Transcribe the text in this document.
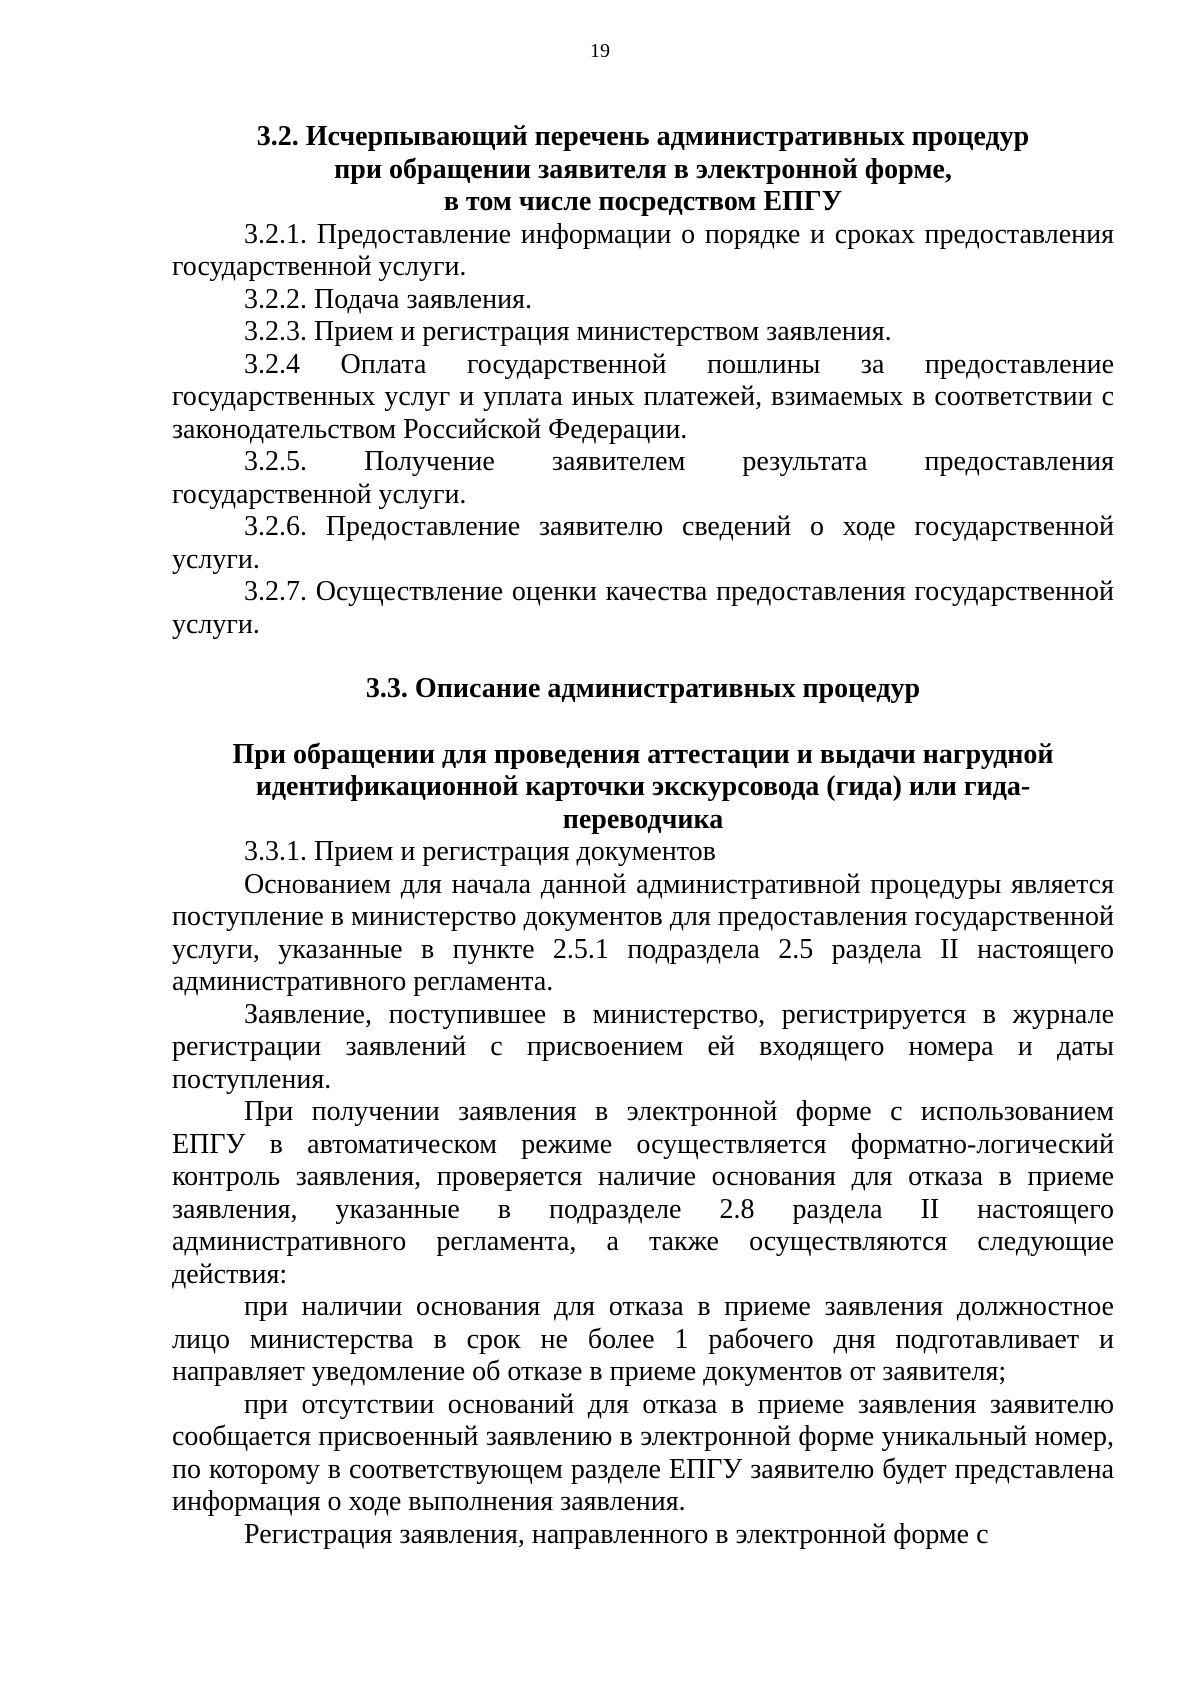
19
3.2. Исчерпывающий перечень административных процедур
при обращении заявителя в электронной форме,
в том числе посредством ЕПГУ

3.2.1. Предоставление информации о порядке и сроках предоставления государственной услуги.

3.2.2. Подача заявления.

3.2.3. Прием и регистрация министерством заявления.

3.2.4 Оплата государственной пошлины за предоставление государственных услуг и уплата иных платежей, взимаемых в соответствии с законодательством Российской Федерации.

3.2.5. Получение заявителем результата предоставления государственной услуги.

3.2.6. Предоставление заявителю сведений о ходе государственной услуги.

3.2.7. Осуществление оценки качества предоставления государственной услуги.

3.3. Описание административных процедур
При обращении для проведения аттестации и выдачи нагрудной
идентификационной карточки экскурсовода (гида) или гида-
переводчика

3.3.1. Прием и регистрация документов

Основанием для начала данной административной процедуры является поступление в министерство документов для предоставления государственной услуги, указанные в пункте 2.5.1 подраздела 2.5 раздела II настоящего административного регламента.

Заявление, поступившее в министерство, регистрируется в журнале регистрации заявлений с присвоением ей входящего номера и даты поступления.

При получении заявления в электронной форме с использованием ЕПГУ в автоматическом режиме осуществляется форматно-логический контроль заявления, проверяется наличие основания для отказа в приеме заявления, указанные в подразделе 2.8 раздела II настоящего административного регламента, а также осуществляются следующие действия:

при наличии основания для отказа в приеме заявления должностное лицо министерства в срок не более 1 рабочего дня подготавливает и направляет уведомление об отказе в приеме документов от заявителя;

при отсутствии оснований для отказа в приеме заявления заявителю сообщается присвоенный заявлению в электронной форме уникальный номер, по которому в соответствующем разделе ЕПГУ заявителю будет представлена информация о ходе выполнения заявления.

Регистрация заявления, направленного в электронной форме с
